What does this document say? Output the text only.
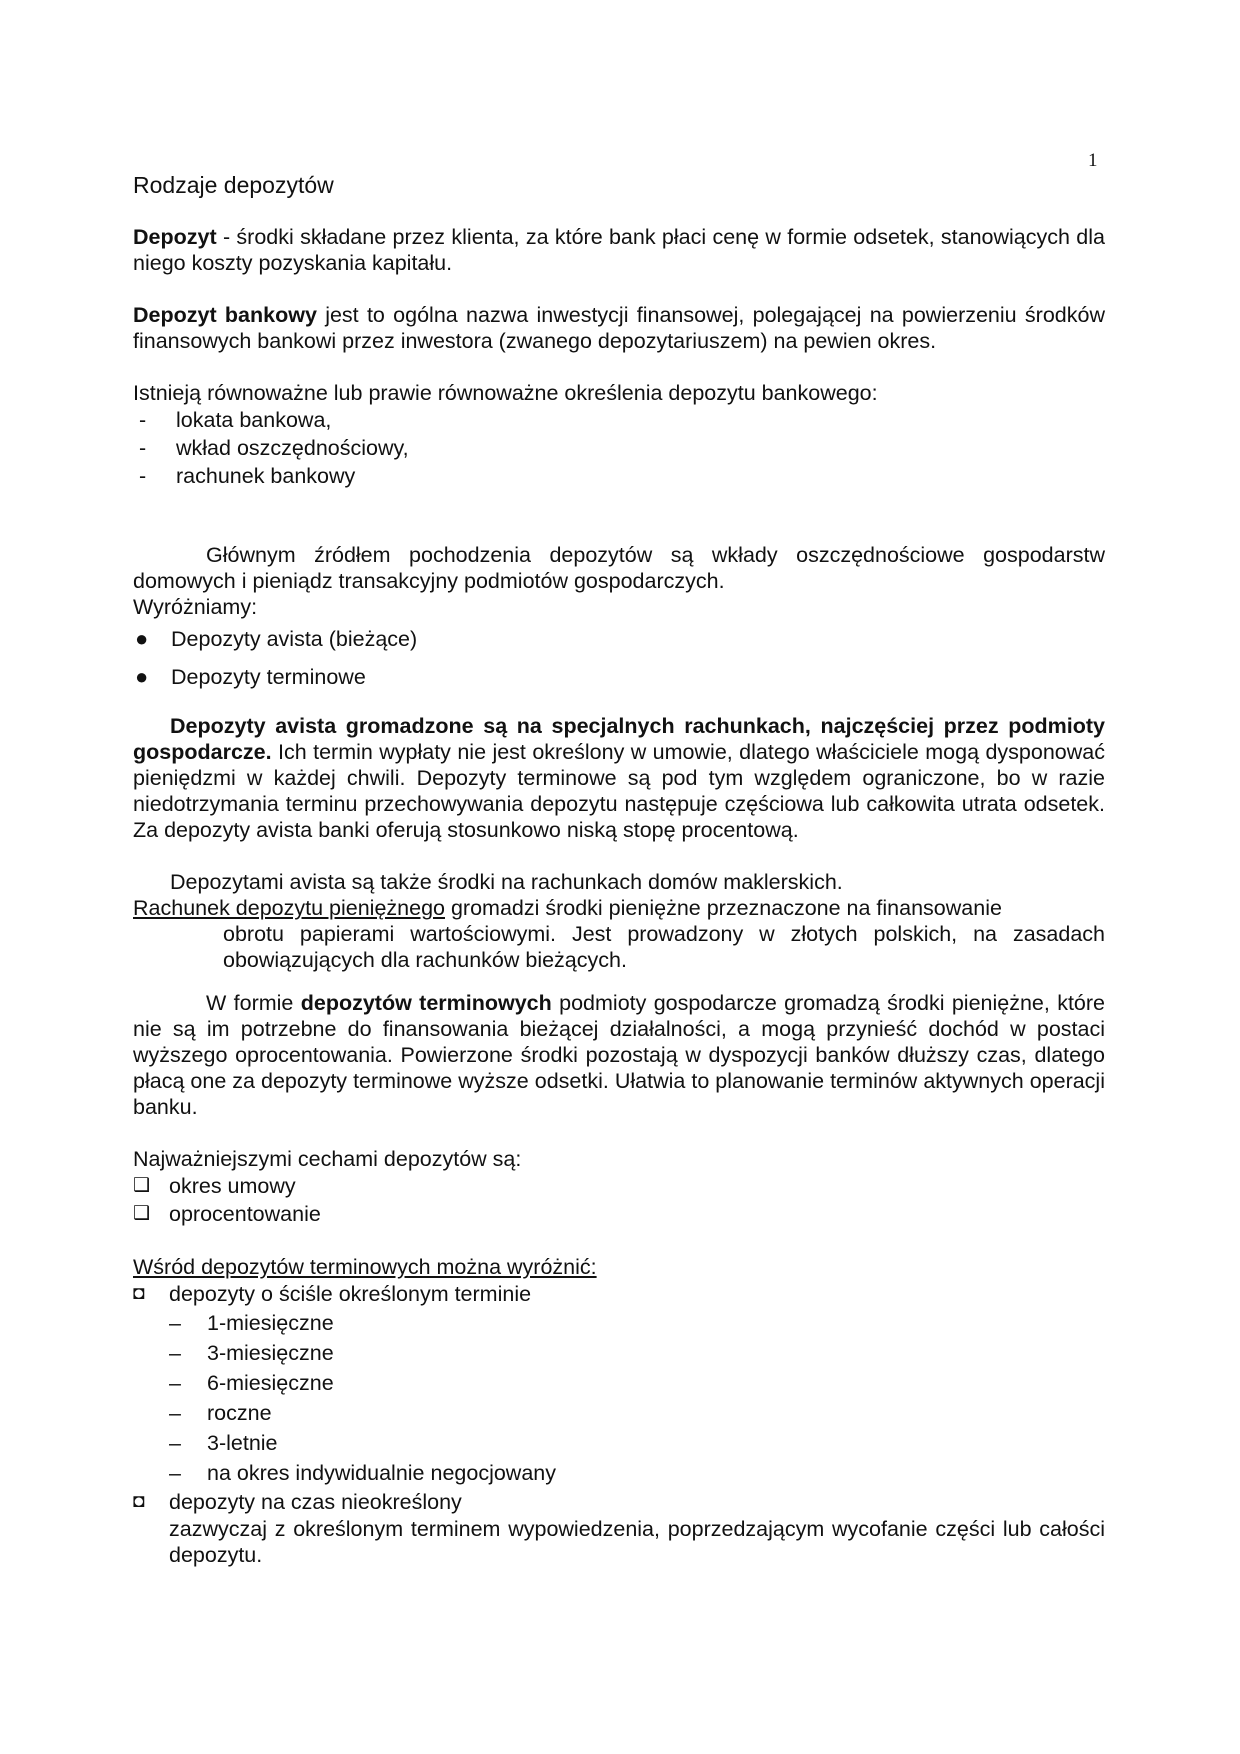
1
Rodzaje depozytów

Depozyt - środki składane przez klienta, za które bank płaci cenę w formie odsetek, stanowiących dla niego koszty pozyskania kapitału.

Depozyt bankowy jest to ogólna nazwa inwestycji finansowej, polegającej na powierzeniu środków finansowych bankowi przez inwestora (zwanego depozytariuszem) na pewien okres.

Istnieją równoważne lub prawie równoważne określenia depozytu bankowego:

-	lokata bankowa,
-	wkład oszczędnościowy,
-	rachunek bankowy

Głównym źródłem pochodzenia depozytów są wkłady oszczędnościowe gospodarstw domowych i pieniądz transakcyjny podmiotów gospodarczych.

Wyróżniamy:

●	Depozyty avista (bieżące)
●	Depozyty terminowe

Depozyty avista gromadzone są na specjalnych rachunkach, najczęściej przez podmioty gospodarcze. Ich termin wypłaty nie jest określony w umowie, dlatego właściciele mogą dysponować pieniędzmi w każdej chwili. Depozyty terminowe są pod tym względem ograniczone, bo w razie niedotrzymania terminu przechowywania depozytu następuje częściowa lub całkowita utrata odsetek. Za depozyty avista banki oferują stosunkowo niską stopę procentową.

Depozytami avista są także środki na rachunkach domów maklerskich.

Rachunek depozytu pieniężnego gromadzi środki pieniężne przeznaczone na finansowanie

obrotu papierami wartościowymi. Jest prowadzony w złotych polskich, na zasadach obowiązujących dla rachunków bieżących.

W formie depozytów terminowych podmioty gospodarcze gromadzą środki pieniężne, które nie są im potrzebne do finansowania bieżącej działalności, a mogą przynieść dochód w postaci wyższego oprocentowania. Powierzone środki pozostają w dyspozycji banków dłuższy czas, dlatego płacą one za depozyty terminowe wyższe odsetki. Ułatwia to planowanie terminów aktywnych operacji banku.

Najważniejszymi cechami depozytów są:

❑ okres umowy
❑ oprocentowanie

Wśród depozytów terminowych można wyróżnić:

◘	depozyty o ściśle określonym terminie
–	1-miesięczne
–	3-miesięczne
–	6-miesięczne
–	roczne
–	3-letnie
–	na okres indywidualnie negocjowany
◘	depozyty na czas nieokreślony

zazwyczaj z określonym terminem wypowiedzenia, poprzedzającym wycofanie części lub całości depozytu.
